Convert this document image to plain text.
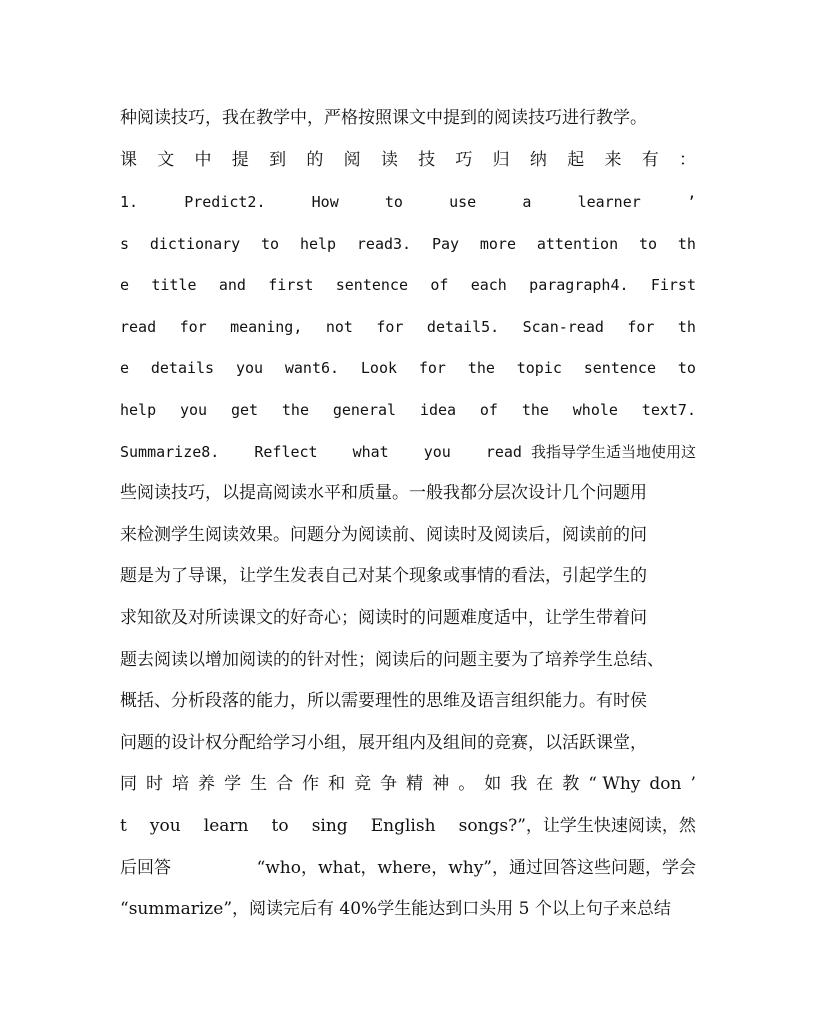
种阅读技巧，我在教学中，严格按照课文中提到的阅读技巧进行教学。
课 文 中 提 到 的 阅 读 技 巧 归 纳 起 来 有 ：
1.	Predict2.	How	to	use	a	learner	’
s dictionary to help read3. Pay more attention to th
e title and first sentence of each paragraph4. First
read for meaning, not for detail5. Scan-read for th
e details you want6. Look for the topic sentence to
help you get the general idea of the whole text7.
Summarize8. Reflect what you read 我指导学生适当地使用这
些阅读技巧，以提高阅读水平和质量。一般我都分层次设计几个问题用
来检测学生阅读效果。问题分为阅读前、阅读时及阅读后，阅读前的问
题是为了导课，让学生发表自己对某个现象或事情的看法，引起学生的
求知欲及对所读课文的好奇心；阅读时的问题难度适中，让学生带着问
题去阅读以增加阅读的的针对性；阅读后的问题主要为了培养学生总结、
概括、分析段落的能力，所以需要理性的思维及语言组织能力。有时侯
问题的设计权分配给学习小组，展开组内及组间的竞赛，以活跃课堂，
同 时 培 养 学 生 合 作 和 竞 争 精 神 。 如 我 在 教 “ Why don ’
t you learn to sing English songs?”，让学生快速阅读，然
后回答	“who，what，where，why”，通过回答这些问题，学会
“summarize”，阅读完后有 40%学生能达到口头用 5 个以上句子来总结
